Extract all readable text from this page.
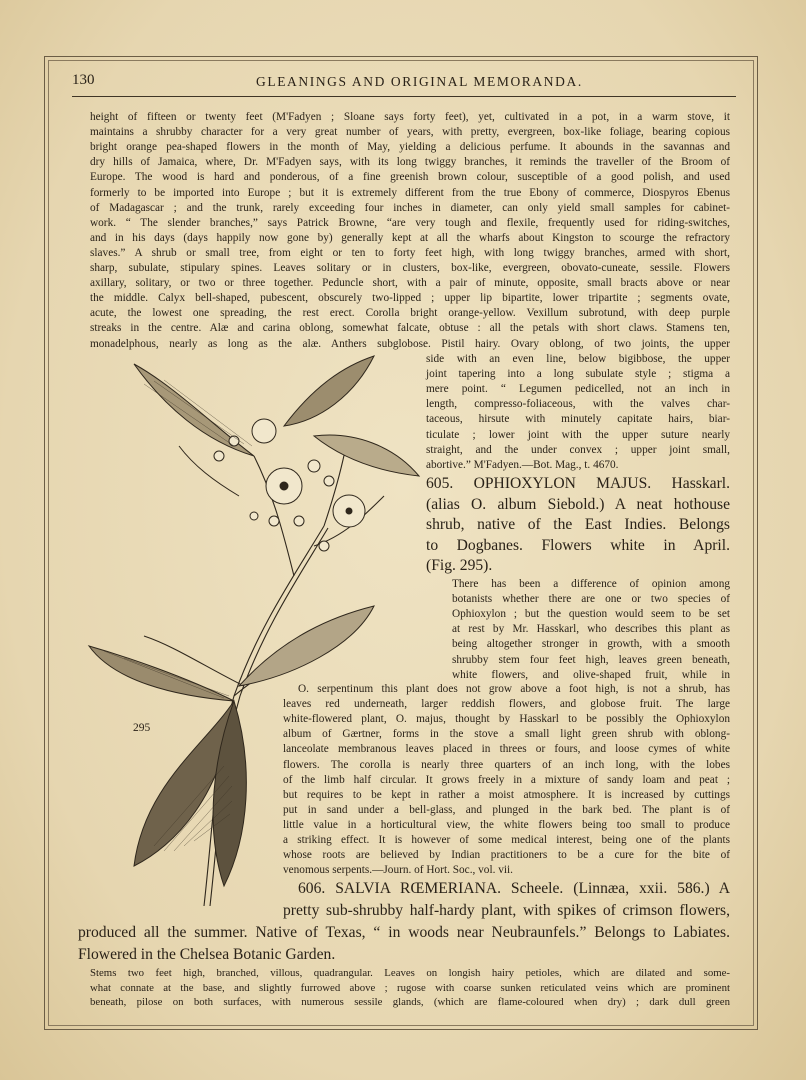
130	GLEANINGS AND ORIGINAL MEMORANDA.
height of fifteen or twenty feet (M'Fadyen ; Sloane says forty feet), yet, cultivated in a pot, in a warm stove, it
maintains a shrubby character for a very great number of years, with pretty, evergreen, box-like foliage, bearing copious
bright orange pea-shaped flowers in the month of May, yielding a delicious perfume. It abounds in the savannas and
dry hills of Jamaica, where, Dr. M'Fadyen says, with its long twiggy branches, it reminds the traveller of the Broom of
Europe. The wood is hard and ponderous, of a fine greenish brown colour, susceptible of a good polish, and used
formerly to be imported into Europe ; but it is extremely different from the true Ebony of commerce, Diospyros Ebenus
of Madagascar ; and the trunk, rarely exceeding four inches in diameter, can only yield small samples for cabinet-
work. “ The slender branches,” says Patrick Browne, “are very tough and flexile, frequently used for riding-switches,
and in his days (days happily now gone by) generally kept at all the wharfs about Kingston to scourge the refractory
slaves.” A shrub or small tree, from eight or ten to forty feet high, with long twiggy branches, armed with short,
sharp, subulate, stipulary spines. Leaves solitary or in clusters, box-like, evergreen, obovato-cuneate, sessile. Flowers
axillary, solitary, or two or three together. Peduncle short, with a pair of minute, opposite, small bracts above or near
the middle. Calyx bell-shaped, pubescent, obscurely two-lipped ; upper lip bipartite, lower tripartite ; segments ovate,
acute, the lowest one spreading, the rest erect. Corolla bright orange-yellow. Vexillum subrotund, with deep purple
streaks in the centre. Alæ and carina oblong, somewhat falcate, obtuse : all the petals with short claws. Stamens ten,
monadelphous, nearly as long as the alæ. Anthers subglobose. Pistil hairy. Ovary oblong, of two joints, the upper
side with an even line, below bigibbose, the upper
joint tapering into a long subulate style ; stigma a
mere point. “ Legumen pedicelled, not an inch in
length, compresso-foliaceous, with the valves char-
taceous, hirsute with minutely capitate hairs, biar-
ticulate ; lower joint with the upper suture nearly
straight, and the under convex ; upper joint small,
abortive.” M'Fadyen.—Bot. Mag., t. 4670.
605. OPHIOXYLON MAJUS. Hasskarl.
(alias O. album Siebold.) A neat hothouse
shrub, native of the East Indies. Belongs
to Dogbanes. Flowers white in April.
(Fig. 295).
There has been a difference of opinion among
botanists whether there are one or two species of
Ophioxylon ; but the question would seem to be set
at rest by Mr. Hasskarl, who describes this plant as
being altogether stronger in growth, with a smooth
shrubby stem four feet high, leaves green beneath,
white flowers, and olive-shaped fruit, while in
O. serpentinum this plant does not grow above a foot high, is not a shrub, has
leaves red underneath, larger reddish flowers, and globose fruit. The large
white-flowered plant, O. majus, thought by Hasskarl to be possibly the Ophioxylon
album of Gærtner, forms in the stove a small light green shrub with oblong-
lanceolate membranous leaves placed in threes or fours, and loose cymes of white
flowers. The corolla is nearly three quarters of an inch long, with the lobes
of the limb half circular. It grows freely in a mixture of sandy loam and peat ;
but requires to be kept in rather a moist atmosphere. It is increased by cuttings
put in sand under a bell-glass, and plunged in the bark bed. The plant is of
little value in a horticultural view, the white flowers being too small to produce
a striking effect. It is however of some medical interest, being one of the plants
whose roots are believed by Indian practitioners to be a cure for the bite of
venomous serpents.—Journ. of Hort. Soc., vol. vii.
606. SALVIA RŒMERIANA. Scheele. (Linnæa, xxii. 586.) A
pretty sub-shrubby half-hardy plant, with spikes of crimson flowers,
produced all the summer. Native of Texas, “ in woods near Neubraunfels.” Belongs to Labiates.
Flowered in the Chelsea Botanic Garden.
Stems two feet high, branched, villous, quadrangular. Leaves on longish hairy petioles, which are dilated and some-
what connate at the base, and slightly furrowed above ; rugose with coarse sunken reticulated veins which are prominent
beneath, pilose on both surfaces, with numerous sessile glands, (which are flame-coloured when dry) ; dark dull green
295
